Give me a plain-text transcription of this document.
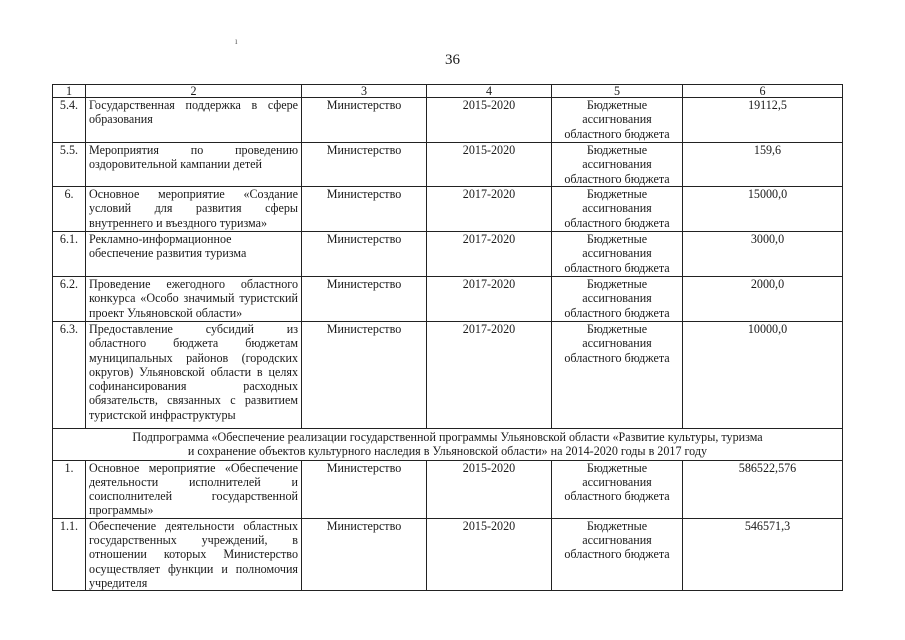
ı
36
1	2	3	4	5	6
5.4.	Государственная поддержка в сфере образования	Министерство	2015-2020	Бюджетные ассигнования областного бюджета	19112,5
5.5.	Мероприятия по проведению оздоровительной кампании детей	Министерство	2015-2020	Бюджетные ассигнования областного бюджета	159,6
6.	Основное мероприятие «Создание условий для развития сферы внутреннего и въездного туризма»	Министерство	2017-2020	Бюджетные ассигнования областного бюджета	15000,0
6.1.	Рекламно-информационное обеспечение развития туризма	Министерство	2017-2020	Бюджетные ассигнования областного бюджета	3000,0
6.2.	Проведение ежегодного областного конкурса «Особо значимый туристский проект Ульяновской области»	Министерство	2017-2020	Бюджетные ассигнования областного бюджета	2000,0
6.3.	Предоставление субсидий из областного бюджета бюджетам муниципальных районов (городских округов) Ульяновской области в целях софинансирования расходных обязательств, связанных с развитием туристской инфраструктуры	Министерство	2017-2020	Бюджетные ассигнования областного бюджета	10000,0

Подпрограмма «Обеспечение реализации государственной программы Ульяновской области «Развитие культуры, туризма
и сохранение объектов культурного наследия в Ульяновской области» на 2014-2020 годы в 2017 году					

1.	Основное мероприятие «Обеспечение деятельности исполнителей и соисполнителей государственной программы»	Министерство	2015-2020	Бюджетные ассигнования областного бюджета	586522,576
1.1.	Обеспечение деятельности областных государственных учреждений, в отношении которых Министерство осуществляет функции и полномочия учредителя	Министерство	2015-2020	Бюджетные ассигнования областного бюджета	546571,3
